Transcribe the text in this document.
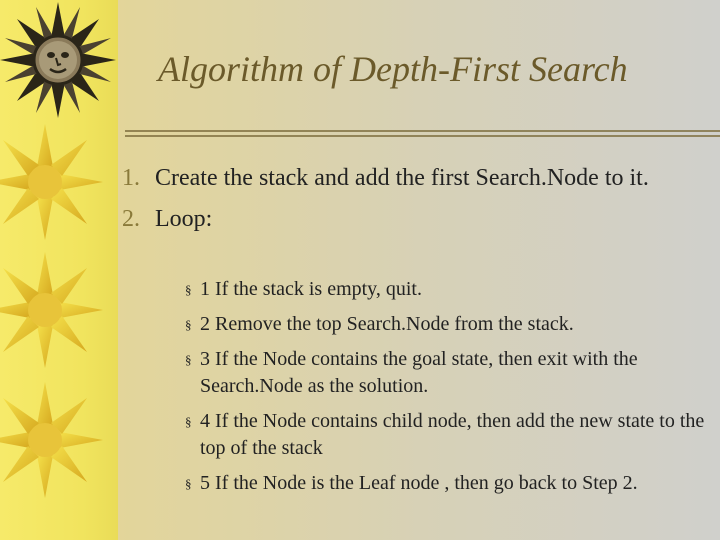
Algorithm of Depth-First Search
1. Create the stack and add the first Search.Node to it.
2. Loop:
§ 1 If the stack is empty, quit.
§ 2 Remove the top Search.Node from the stack.
§ 3 If the Node contains the goal state, then exit with the Search.Node as the solution.
§ 4 If the Node contains child node, then add the new state to the top of the stack
§ 5 If the Node is the Leaf node , then go back to Step 2.
